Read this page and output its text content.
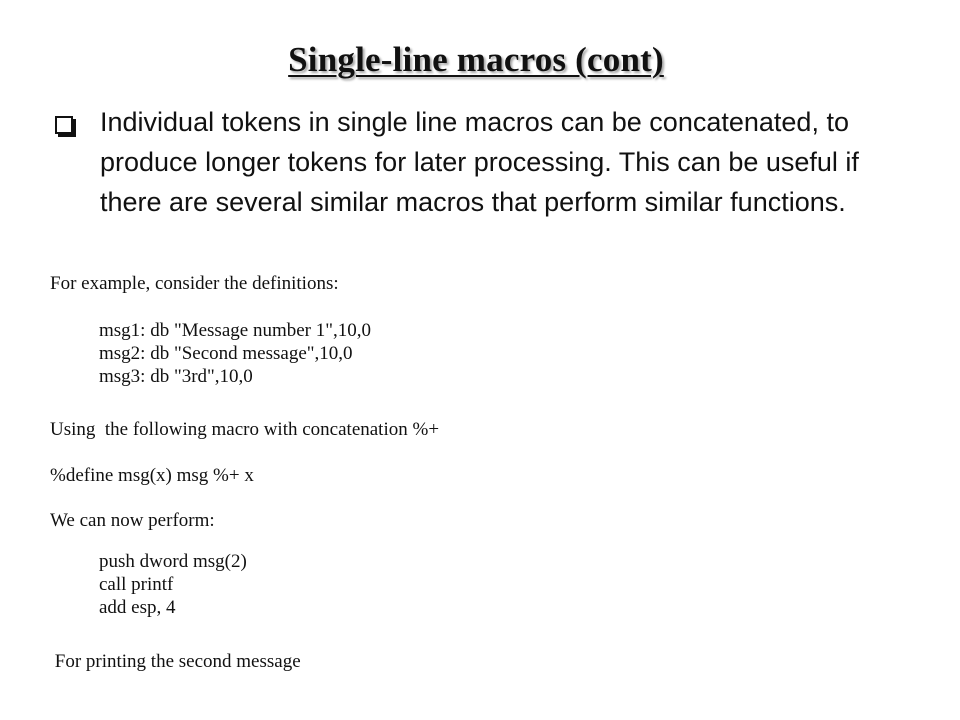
Single-line macros (cont)
Individual tokens in single line macros can be concatenated, to produce longer tokens for later processing. This can be useful if there are several similar macros that perform similar functions.
For example, consider the definitions:
msg1: db "Message number 1",10,0
msg2: db "Second message",10,0
msg3: db "3rd",10,0
Using  the following macro with concatenation %+
%define msg(x) msg %+ x
We can now perform:
push dword msg(2)
call printf
add esp, 4
For printing the second message
